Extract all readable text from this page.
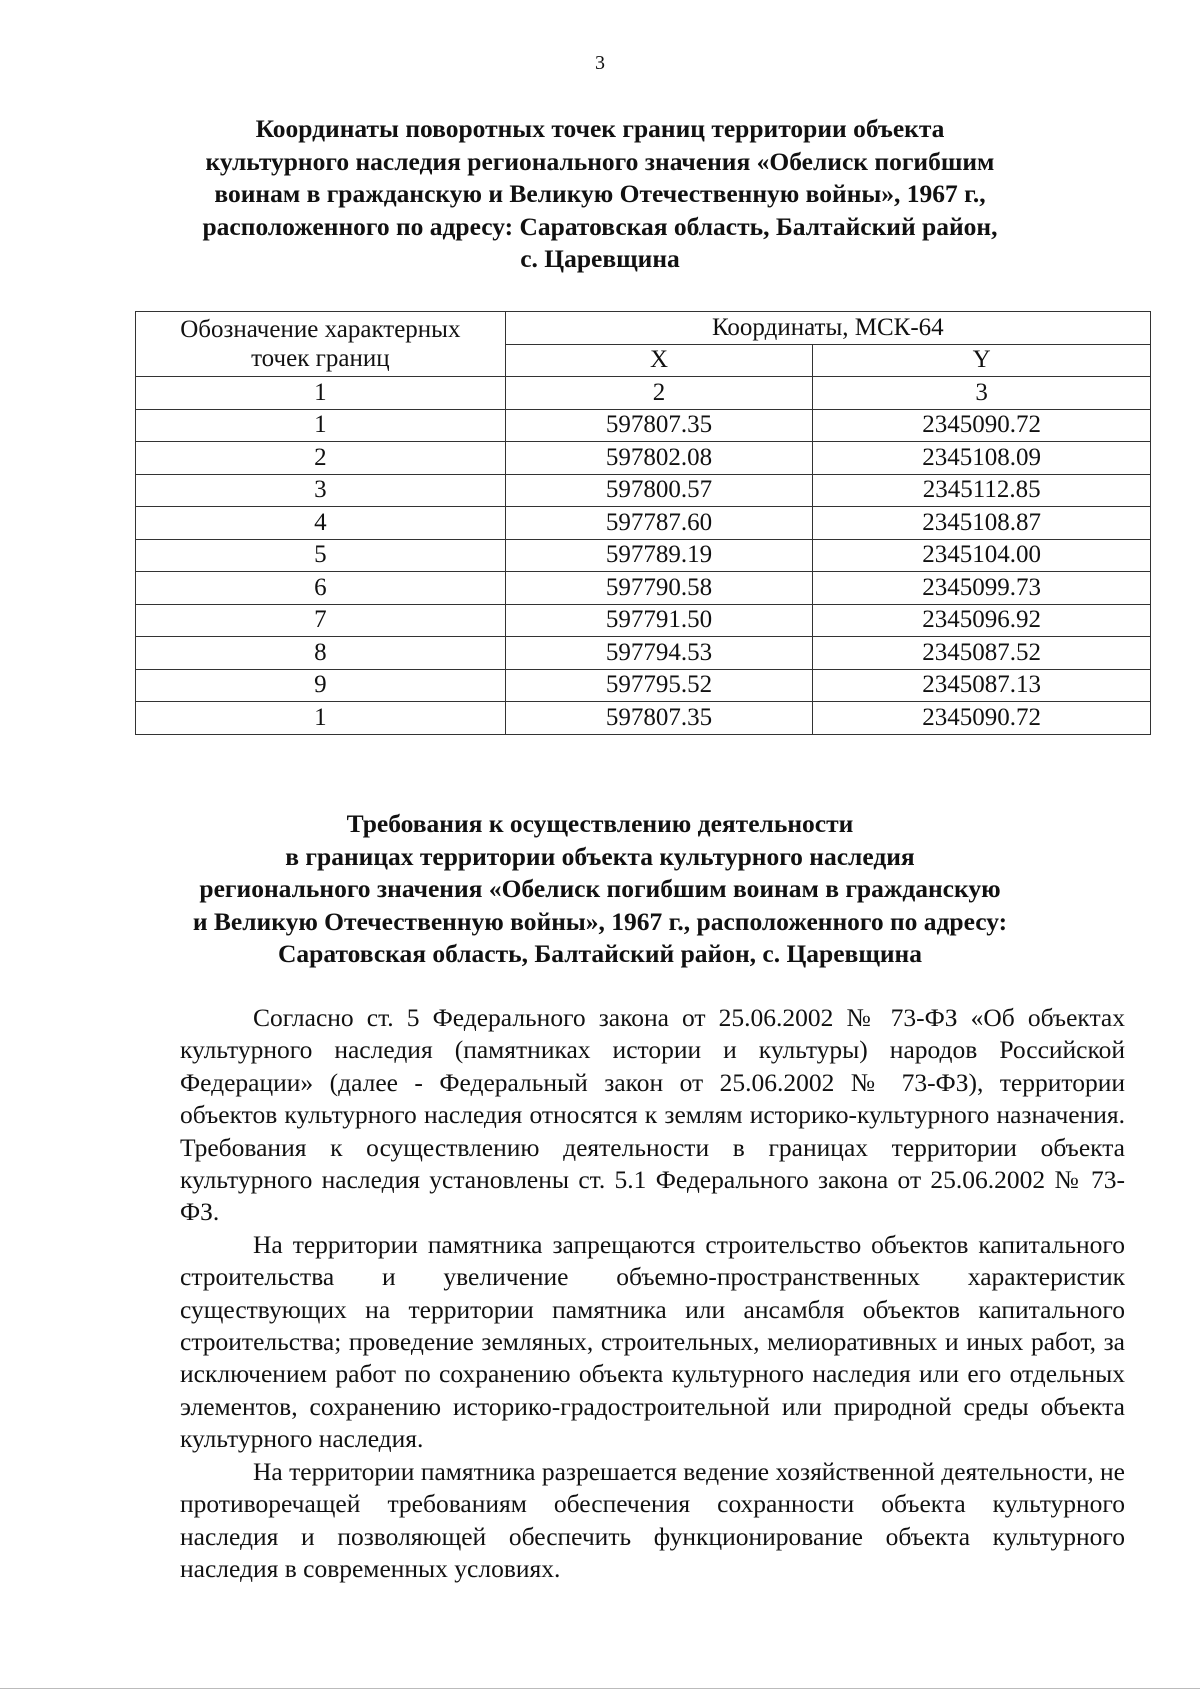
3
Координаты поворотных точек границ территории объекта
культурного наследия регионального значения «Обелиск погибшим
воинам в гражданскую и Великую Отечественную войны», 1967 г.,
расположенного по адресу: Саратовская область, Балтайский район,
с. Царевщина
Обозначение характерных точек границ	Координаты, МСК-64	
	X	Y
1	2	3
1	597807.35	2345090.72
2	597802.08	2345108.09
3	597800.57	2345112.85
4	597787.60	2345108.87
5	597789.19	2345104.00
6	597790.58	2345099.73
7	597791.50	2345096.92
8	597794.53	2345087.52
9	597795.52	2345087.13
1	597807.35	2345090.72
Требования к осуществлению деятельности
в границах территории объекта культурного наследия
регионального значения «Обелиск погибшим воинам в гражданскую
и Великую Отечественную войны», 1967 г., расположенного по адресу:
Саратовская область, Балтайский район, с. Царевщина

Согласно ст. 5 Федерального закона от 25.06.2002 № 73-ФЗ «Об объектах культурного наследия (памятниках истории и культуры) народов Российской Федерации» (далее - Федеральный закон от 25.06.2002 № 73-ФЗ), территории объектов культурного наследия относятся к землям историко-культурного назначения. Требования к осуществлению деятельности в границах территории объекта культурного наследия установлены ст. 5.1 Федерального закона от 25.06.2002 № 73-ФЗ.

На территории памятника запрещаются строительство объектов капитального строительства и увеличение объемно-пространственных характеристик существующих на территории памятника или ансамбля объектов капитального строительства; проведение земляных, строительных, мелиоративных и иных работ, за исключением работ по сохранению объекта культурного наследия или его отдельных элементов, сохранению историко-градостроительной или природной среды объекта культурного наследия.

На территории памятника разрешается ведение хозяйственной деятельности, не противоречащей требованиям обеспечения сохранности объекта культурного наследия и позволяющей обеспечить функционирование объекта культурного наследия в современных условиях.
